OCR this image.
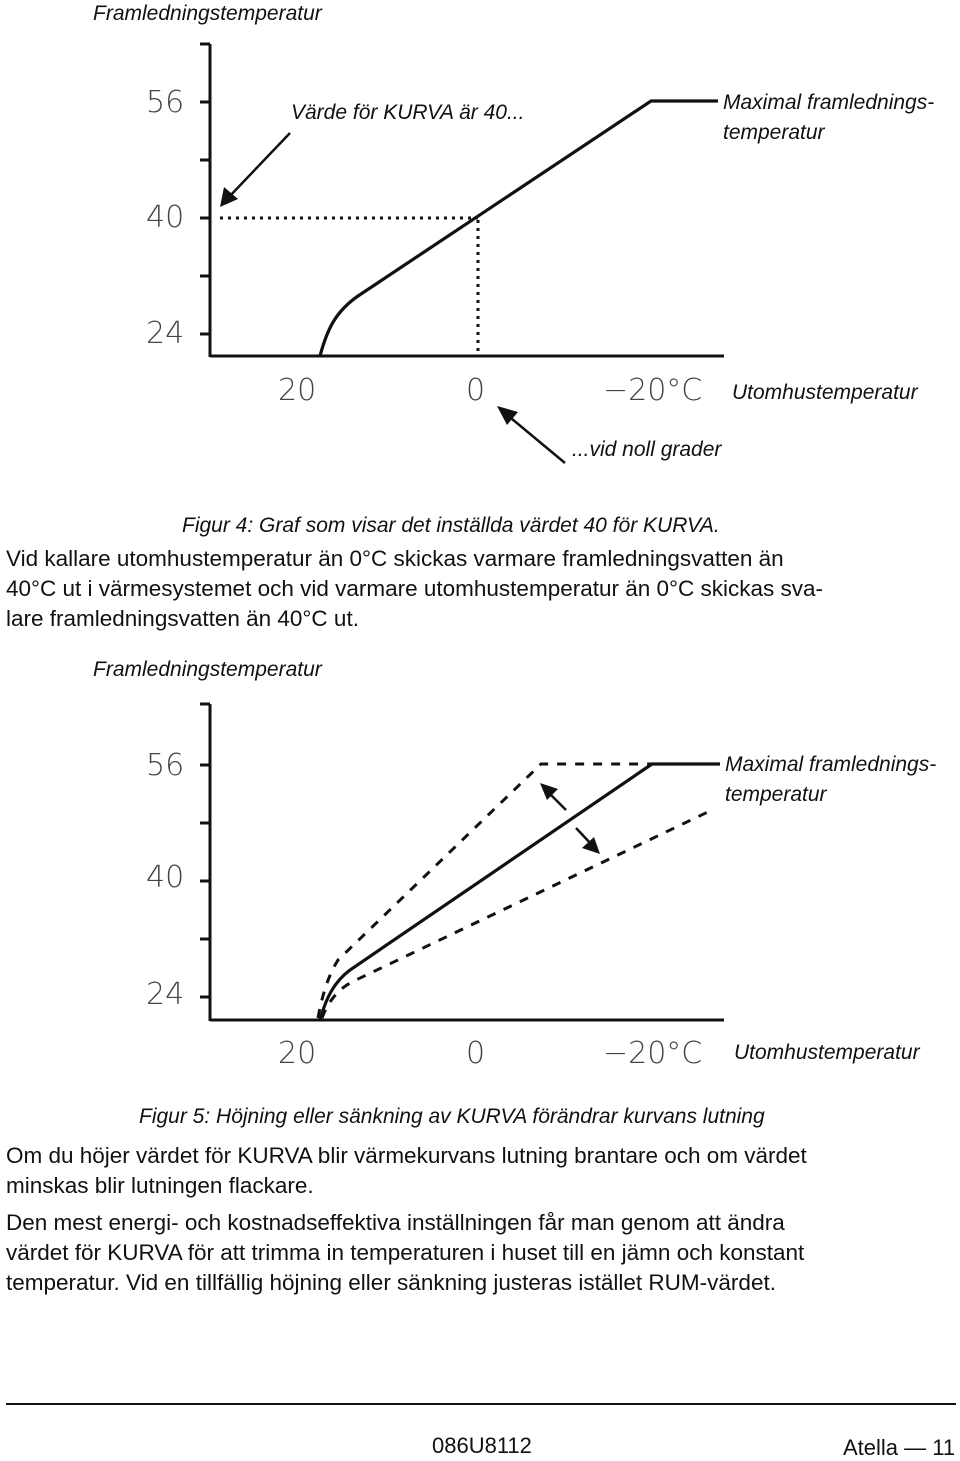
Framledningstemperatur
56
40
24
20	0	−20°C Utomhustemperatur
Värde för KURVA är 40...	Maximal framlednings-
temperatur
...vid noll grader
Figur 4: Graf som visar det inställda värdet 40 för KURVA.
Vid kallare utomhustemperatur än 0°C skickas varmare framledningsvatten än
40°C ut i värmesystemet och vid varmare utomhustemperatur än 0°C skickas sva-
lare framledningsvatten än 40°C ut.
Framledningstemperatur
56
40
24
20	0	−20°C Utomhustemperatur
Maximal framlednings-
temperatur
Figur 5: Höjning eller sänkning av KURVA förändrar kurvans lutning
Om du höjer värdet för KURVA blir värmekurvans lutning brantare och om värdet
minskas blir lutningen flackare.
Den mest energi- och kostnadseffektiva inställningen får man genom att ändra
värdet för KURVA för att trimma in temperaturen i huset till en jämn och konstant
temperatur. Vid en tillfällig höjning eller sänkning justeras istället RUM-värdet.
086U8112	Atella — 11
